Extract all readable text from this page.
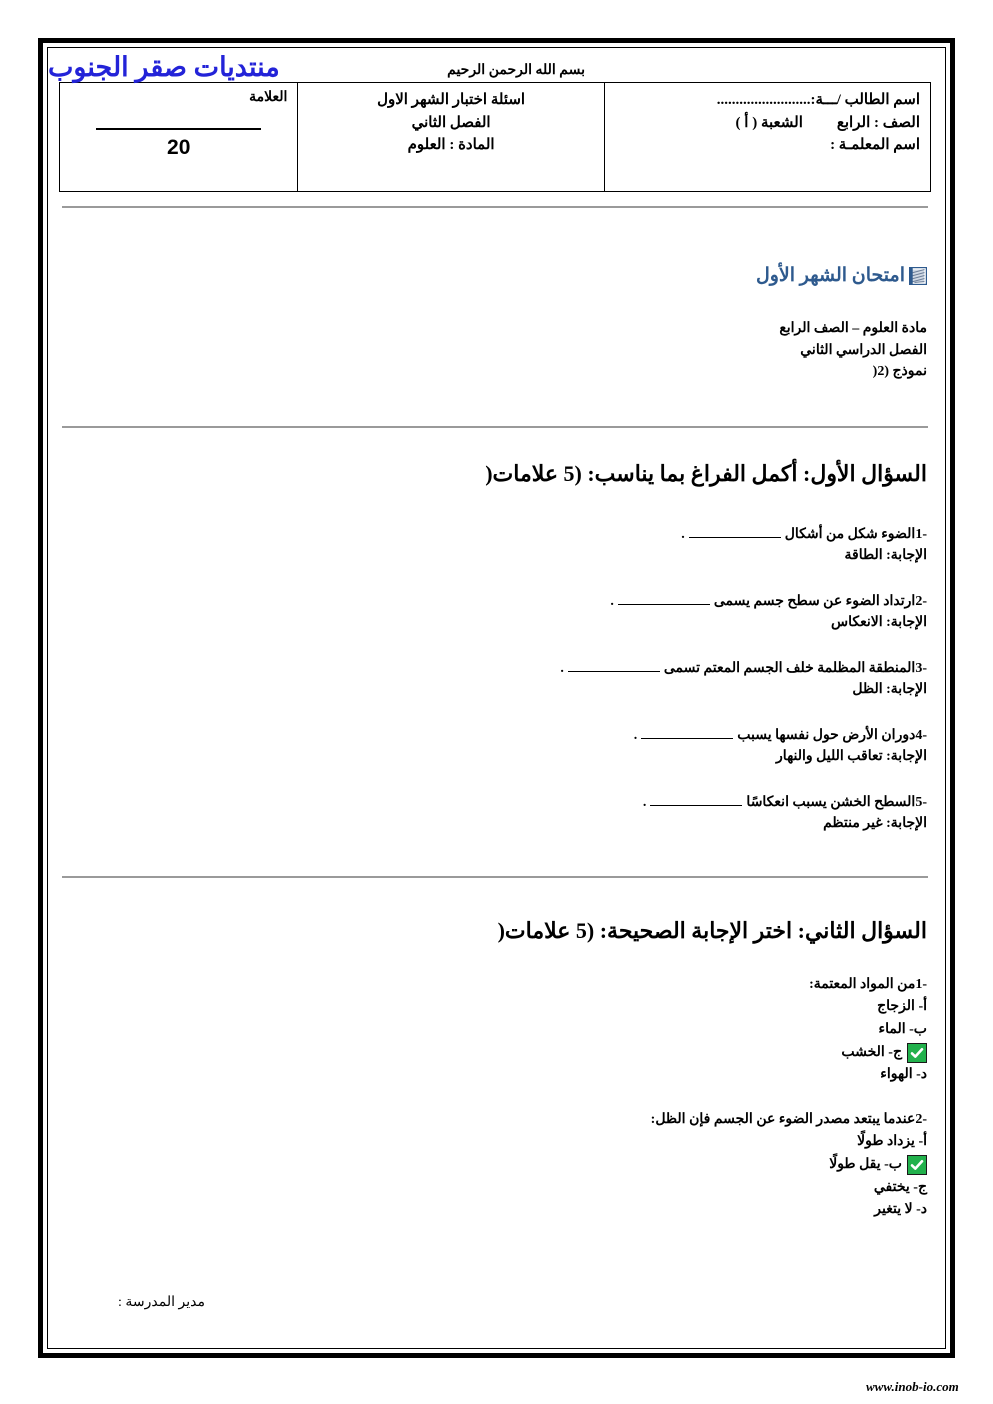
منتديات صقر الجنوب	بسم الله الرحمن الرحيم
اسم الطالب /ـــة:.........................
الصف : الرابع
الشعبة ( أ )
اسم المعلمـة :
اسئلة اختبار الشهر الاول
الفصل الثاني
المادة : العلوم
العلامة
20
امتحان الشهر الأول
مادة العلوم – الصف الرابع
الفصل الدراسي الثاني
نموذج (2(
السؤال الأول: أكمل الفراغ بما يناسب: (5 علامات(
-1الضوء شكل من أشكال.
الإجابة: الطاقة
-2ارتداد الضوء عن سطح جسم يسمى.
الإجابة: الانعكاس
-3المنطقة المظلمة خلف الجسم المعتم تسمى.
الإجابة: الظل
-4دوران الأرض حول نفسها يسبب.
الإجابة: تعاقب الليل والنهار
-5السطح الخشن يسبب انعكاسًا.
الإجابة: غير منتظم
السؤال الثاني: اختر الإجابة الصحيحة: (5 علامات(
-1من المواد المعتمة:
أ- الزجاج
ب- الماء
ج- الخشب
د- الهواء
-2عندما يبتعد مصدر الضوء عن الجسم فإن الظل:
أ- يزداد طولًا
ب- يقل طولًا
ج- يختفي
د- لا يتغير
مدير المدرسة :
www.inob-io.com
